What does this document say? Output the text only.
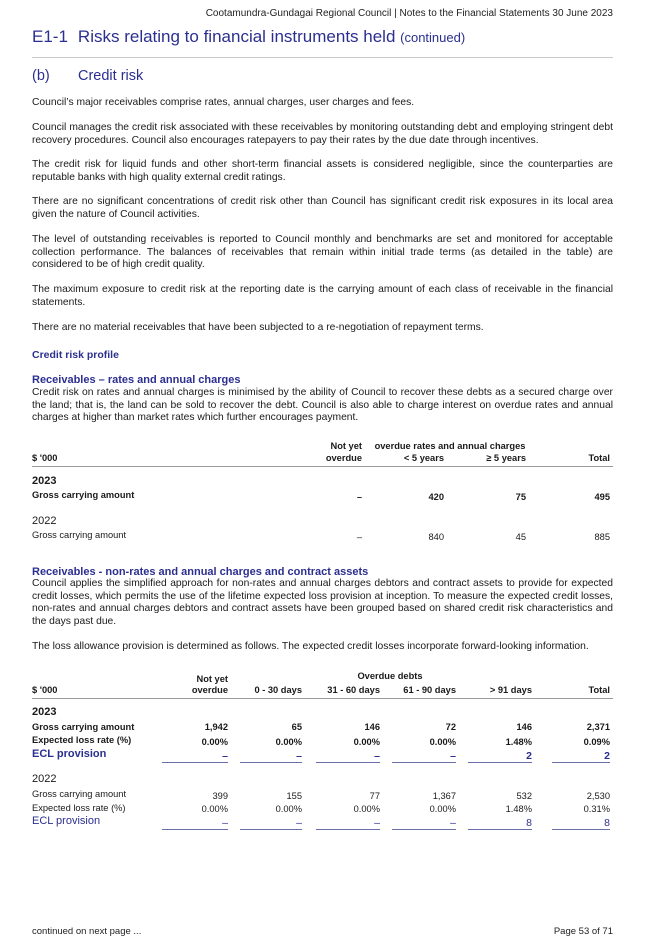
Cootamundra-Gundagai Regional Council | Notes to the Financial Statements 30 June 2023
E1-1 Risks relating to financial instruments held (continued)
(b) Credit risk

Council’s major receivables comprise rates, annual charges, user charges and fees.

Council manages the credit risk associated with these receivables by monitoring outstanding debt and employing stringent debt recovery procedures. Council also encourages ratepayers to pay their rates by the due date through incentives.

The credit risk for liquid funds and other short-term financial assets is considered negligible, since the counterparties are reputable banks with high quality external credit ratings.

There are no significant concentrations of credit risk other than Council has significant credit risk exposures in its local area given the nature of Council activities.

The level of outstanding receivables is reported to Council monthly and benchmarks are set and monitored for acceptable collection performance. The balances of receivables that remain within initial trade terms (as detailed in the table) are considered to be of high credit quality.

The maximum exposure to credit risk at the reporting date is the carrying amount of each class of receivable in the financial statements.

There are no material receivables that have been subjected to a re-negotiation of repayment terms.

Credit risk profile
Receivables – rates and annual charges

Credit risk on rates and annual charges is minimised by the ability of Council to recover these debts as a secured charge over the land; that is, the land can be sold to recover the debt. Council is also able to charge interest on overdue rates and annual charges at higher than market rates which further encourages payment.

Not yet	overdue rates and annual charges
$ '000	overdue	< 5 years	≥ 5 years	Total
2023
Gross carrying amount	–	420	75	495
2022
Gross carrying amount	–	840	45	885
Receivables - non-rates and annual charges and contract assets

Council applies the simplified approach for non-rates and annual charges debtors and contract assets to provide for expected credit losses, which permits the use of the lifetime expected loss provision at inception. To measure the expected credit losses, non-rates and annual charges debtors and contract assets have been grouped based on shared credit risk characteristics and the days past due.

The loss allowance provision is determined as follows. The expected credit losses incorporate forward-looking information.

Not yet	Overdue debts
$ '000	overdue	0 - 30 days	31 - 60 days	61 - 90 days	> 91 days	Total
2023
Gross carrying amount	1,942	65	146	72	146	2,371
Expected loss rate (%)	0.00%	0.00%	0.00%	0.00%	1.48%	0.09%
ECL provision	–	–	–	–	2	2
2022
Gross carrying amount	399	155	77	1,367	532	2,530
Expected loss rate (%)	0.00%	0.00%	0.00%	0.00%	1.48%	0.31%
ECL provision	–	–	–	–	8	8
continued on next page ...	Page 53 of 71
